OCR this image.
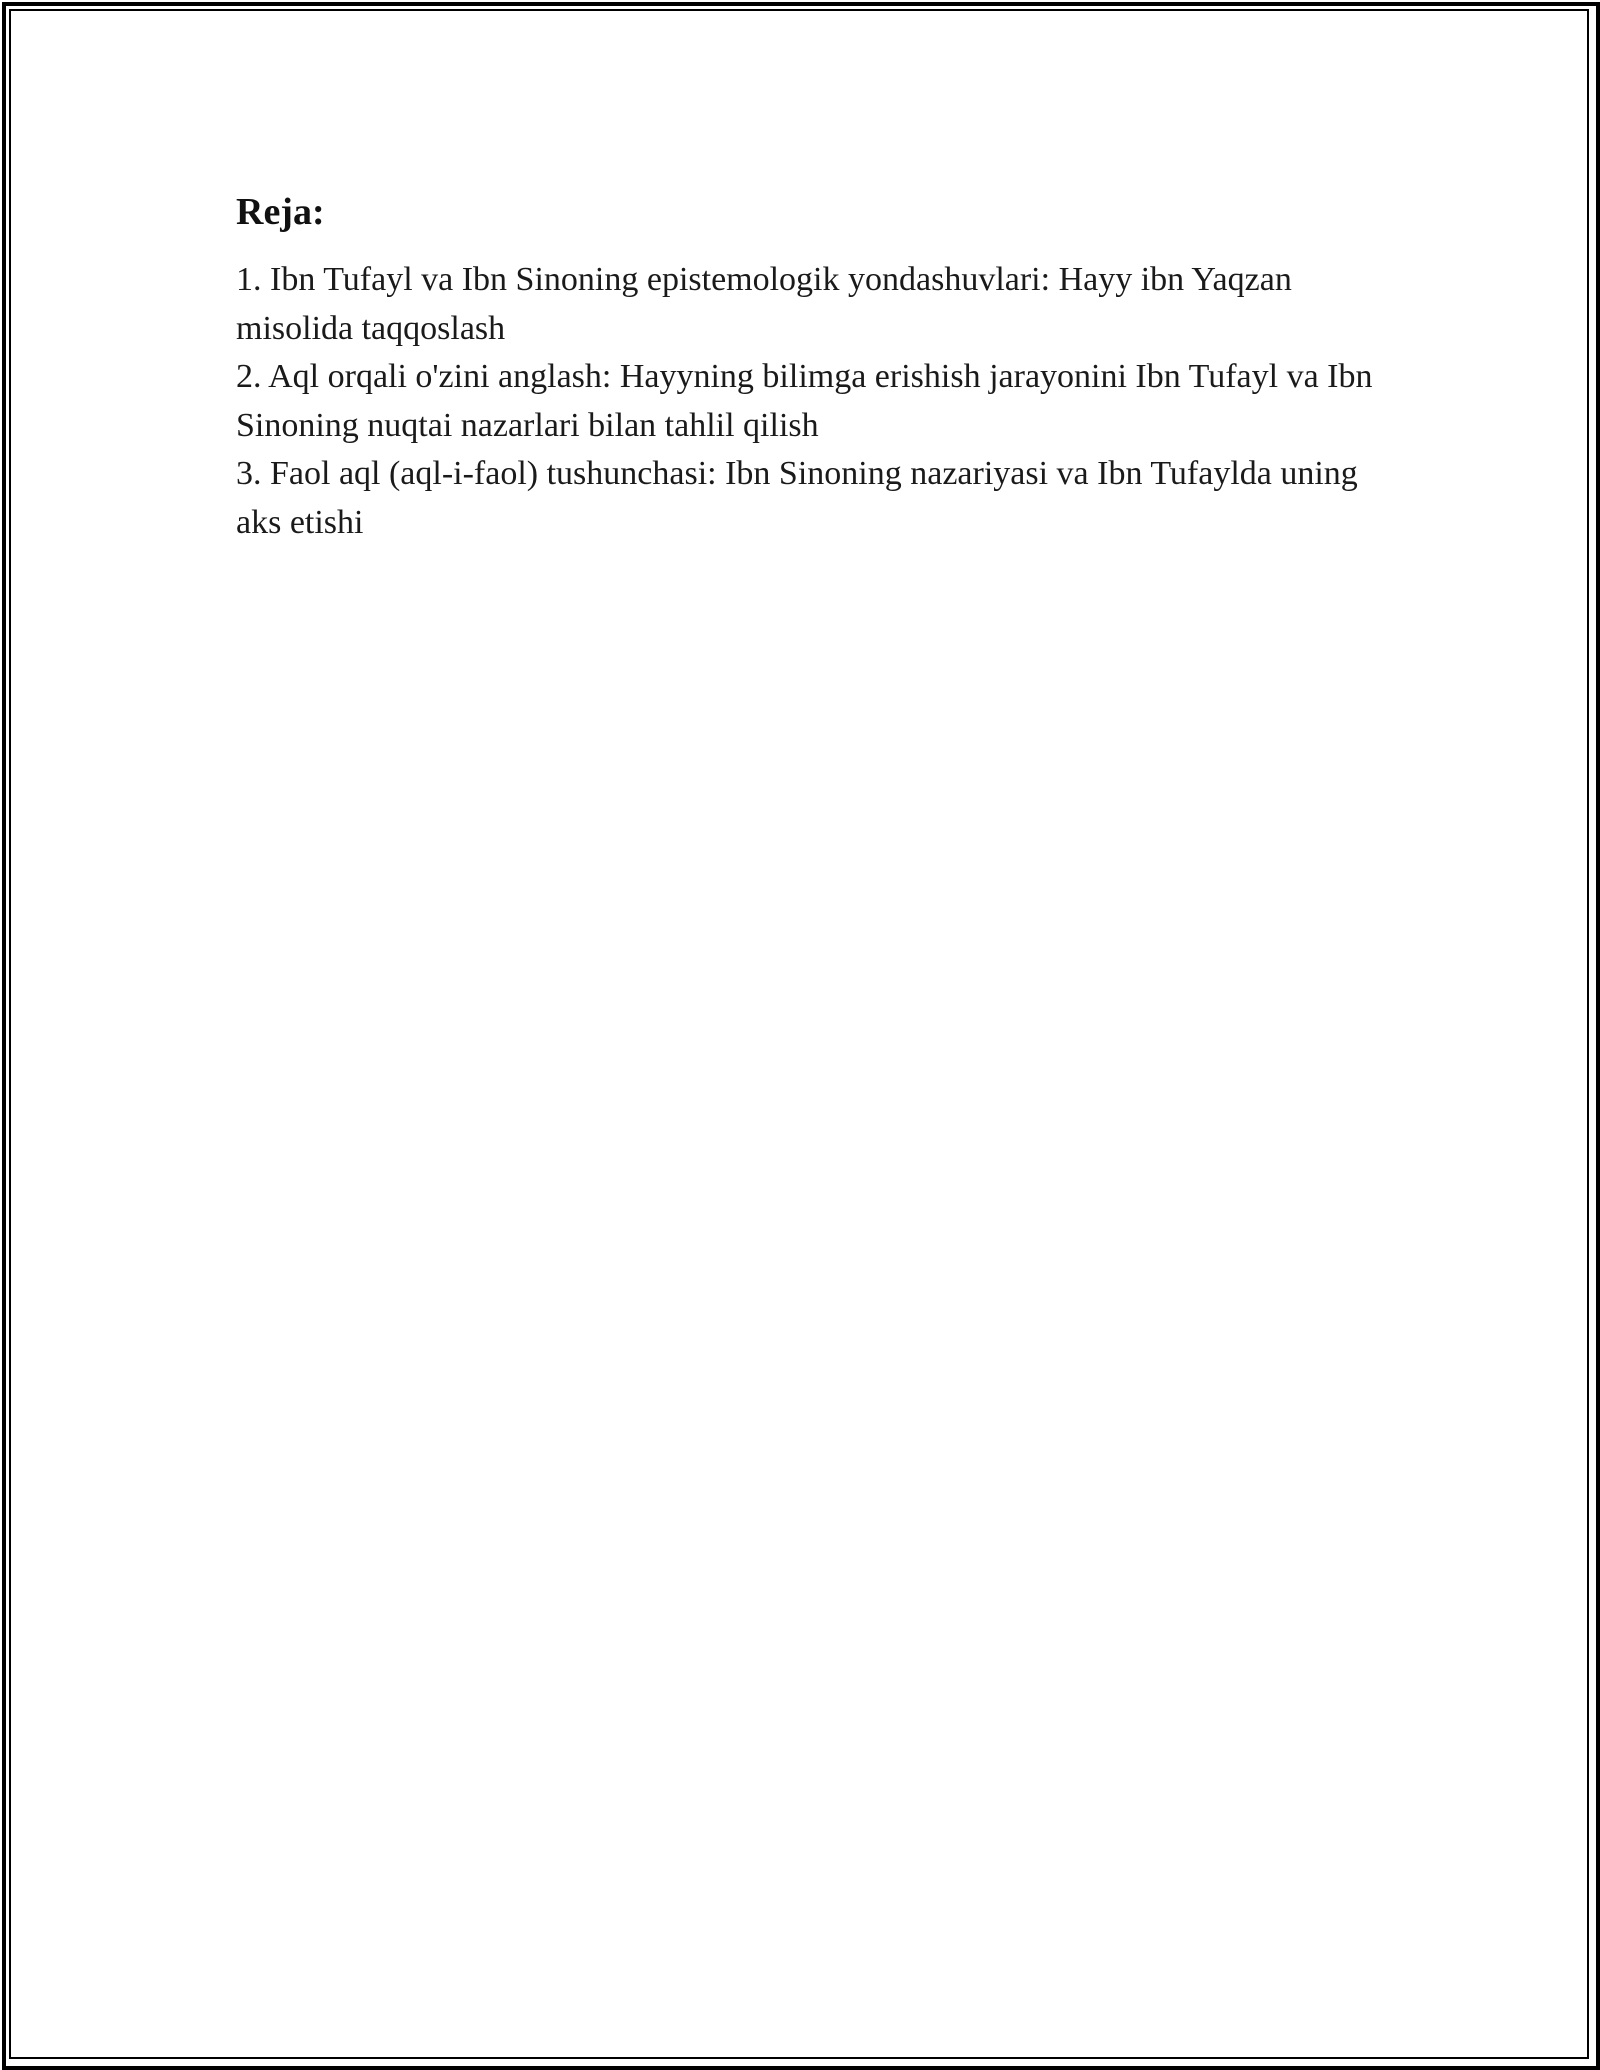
Reja:
1. Ibn Tufayl va Ibn Sinoning epistemologik yondashuvlari: Hayy ibn Yaqzan misolida taqqoslash
2. Aql orqali o'zini anglash: Hayyning bilimga erishish jarayonini Ibn Tufayl va Ibn Sinoning nuqtai nazarlari bilan tahlil qilish
3. Faol aql (aql-i-faol) tushunchasi: Ibn Sinoning nazariyasi va Ibn Tufaylda uning aks etishi
